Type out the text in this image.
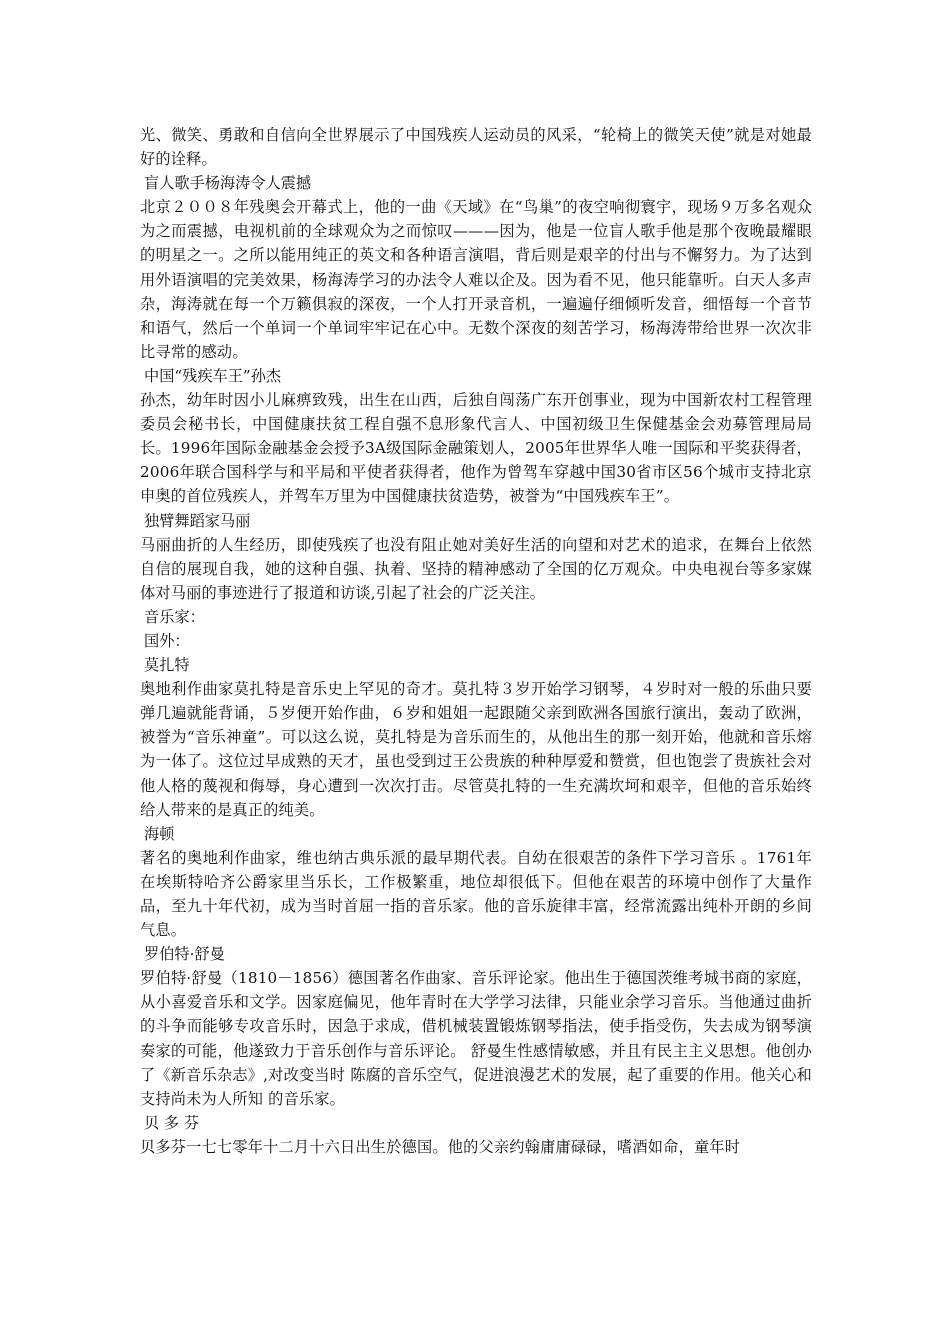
光、微笑、勇敢和自信向全世界展示了中国残疾人运动员的风采，“轮椅上的微笑天使”就是对她最好的诠释。

盲人歌手杨海涛令人震撼

北京２００８年残奥会开幕式上，他的一曲《天域》在“鸟巢”的夜空响彻寰宇，现场９万多名观众为之而震撼，电视机前的全球观众为之而惊叹———因为，他是一位盲人歌手他是那个夜晚最耀眼的明星之一。之所以能用纯正的英文和各种语言演唱，背后则是艰辛的付出与不懈努力。为了达到用外语演唱的完美效果，杨海涛学习的办法令人难以企及。因为看不见，他只能靠听。白天人多声杂，海涛就在每一个万籁俱寂的深夜，一个人打开录音机，一遍遍仔细倾听发音，细悟每一个音节和语气，然后一个单词一个单词牢牢记在心中。无数个深夜的刻苦学习，杨海涛带给世界一次次非比寻常的感动。

中国“残疾车王”孙杰

孙杰，幼年时因小儿麻痹致残，出生在山西，后独自闯荡广东开创事业，现为中国新农村工程管理委员会秘书长，中国健康扶贫工程自强不息形象代言人、中国初级卫生保健基金会劝募管理局局长。1996年国际金融基金会授予3A级国际金融策划人，2005年世界华人唯一国际和平奖获得者，2006年联合国科学与和平局和平使者获得者，他作为曾驾车穿越中国30省市区56个城市支持北京申奥的首位残疾人，并驾车万里为中国健康扶贫造势，被誉为“中国残疾车王”。

独臂舞蹈家马丽

马丽曲折的人生经历，即使残疾了也没有阻止她对美好生活的向望和对艺术的追求，在舞台上依然自信的展现自我，她的这种自强、执着、坚持的精神感动了全国的亿万观众。中央电视台等多家媒体对马丽的事迹进行了报道和访谈,引起了社会的广泛关注。

音乐家：

国外：

莫扎特

奥地利作曲家莫扎特是音乐史上罕见的奇才。莫扎特３岁开始学习钢琴，４岁时对一般的乐曲只要弹几遍就能背诵，５岁便开始作曲，６岁和姐姐一起跟随父亲到欧洲各国旅行演出，轰动了欧洲，被誉为“音乐神童”。可以这么说，莫扎特是为音乐而生的，从他出生的那一刻开始，他就和音乐熔为一体了。这位过早成熟的天才，虽也受到过王公贵族的种种厚爱和赞赏，但也饱尝了贵族社会对他人格的蔑视和侮辱，身心遭到一次次打击。尽管莫扎特的一生充满坎坷和艰辛，但他的音乐始终给人带来的是真正的纯美。

海顿

著名的奥地利作曲家，维也纳古典乐派的最早期代表。自幼在很艰苦的条件下学习音乐 。1761年在埃斯特哈齐公爵家里当乐长，工作极繁重，地位却很低下。但他在艰苦的环境中创作了大量作品，至九十年代初，成为当时首屈一指的音乐家。他的音乐旋律丰富，经常流露出纯朴开朗的乡间气息。

罗伯特·舒曼

罗伯特·舒曼（1810－1856）德国著名作曲家、音乐评论家。他出生于德国茨维考城书商的家庭，从小喜爱音乐和文学。因家庭偏见，他年青时在大学学习法律，只能业余学习音乐。当他通过曲折的斗争而能够专攻音乐时，因急于求成，借机械装置锻炼钢琴指法，使手指受伤，失去成为钢琴演奏家的可能，他遂致力于音乐创作与音乐评论。 舒曼生性感情敏感，并且有民主主义思想。他创办了《新音乐杂志》,对改变当时 陈腐的音乐空气，促进浪漫艺术的发展，起了重要的作用。他关心和支持尚未为人所知 的音乐家。

贝 多 芬

贝多芬一七七零年十二月十六日出生於德国。他的父亲约翰庸庸碌碌，嗜酒如命，童年时
